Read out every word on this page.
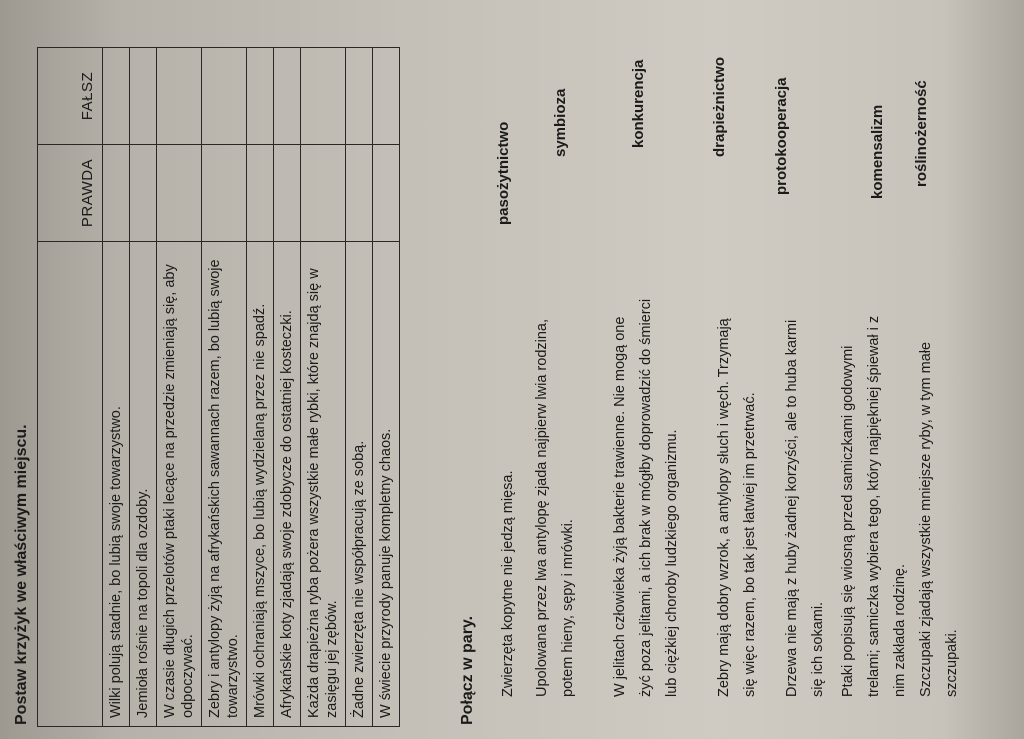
Postaw krzyżyk we właściwym miejscu.
	PRAWDA	FAŁSZ
Wilki polują stadnie, bo lubią swoje towarzystwo.		
Jemioła rośnie na topoli dla ozdoby.		
W czasie długich przelotów ptaki lecące na przedzie zmieniają się, aby odpoczywać.		
Zebry i antylopy żyją na afrykańskich sawannach razem, bo lubią swoje towarzystwo.		
Mrówki ochraniają mszyce, bo lubią wydzielaną przez nie spadź.		
Afrykańskie koty zjadają swoje zdobycze do ostatniej kosteczki.		
Każda drapieżna ryba pożera wszystkie małe rybki, które znajdą się w zasięgu jej zębów.		
Żadne zwierzęta nie współpracują ze sobą.		
W świecie przyrody panuje kompletny chaos.			Połącz w pary.	Zwierzęta kopytne nie jedzą mięsa.	Upolowana przez lwa antylopę zjada najpierw lwia rodzina, potem hieny, sępy i mrówki.	W jelitach człowieka żyją bakterie trawienne. Nie mogą one żyć poza jelitami, a ich brak w mógłby doprowadzić do śmierci lub ciężkiej choroby ludzkiego organizmu.	Zebry mają dobry wzrok, a antylopy słuch i węch. Trzymają się więc razem, bo tak jest łatwiej im przetrwać.	Drzewa nie mają z huby żadnej korzyści, ale to huba karmi się ich sokami. Ptaki popisują się wiosną przed samiczkami godowymi trelami; samiczka wybiera tego, który najpiękniej śpiewał i z nim zakłada rodzinę. Szczupaki zjadają wszystkie mniejsze ryby, w tym małe szczupaki.
pasożytnictwo	symbioza	konkurencja	drapieżnictwo	protokooperacja	komensalizm roślinożerność
